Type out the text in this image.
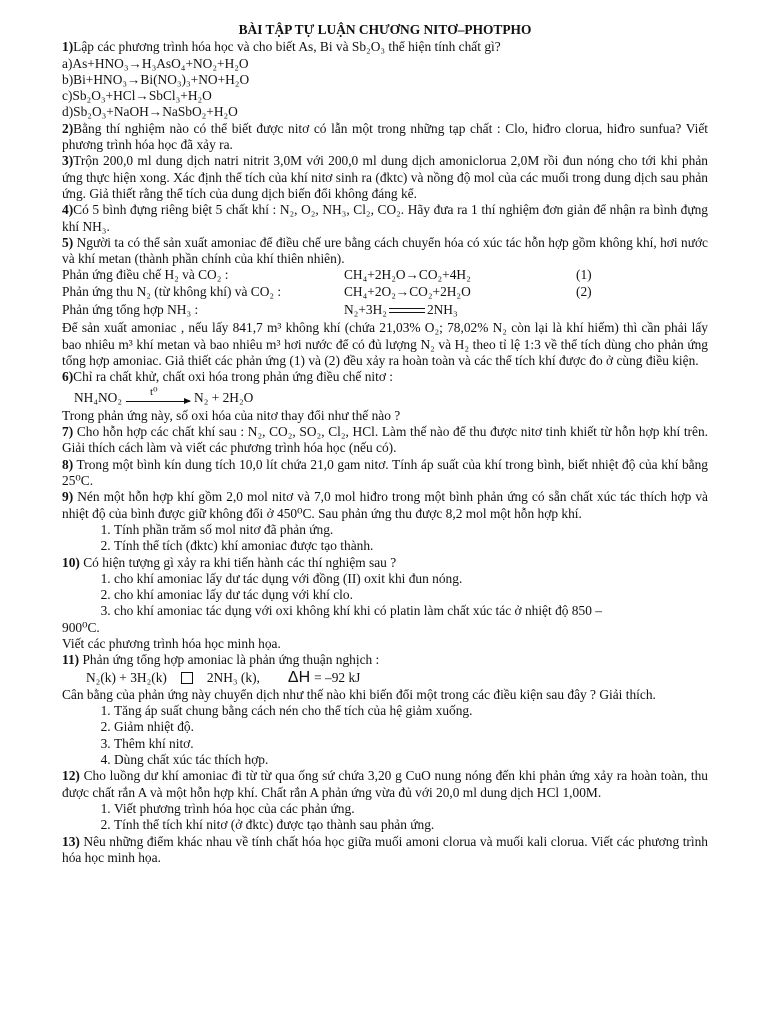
BÀI TẬP TỰ LUẬN CHƯƠNG NITƠ–PHOTPHO

1)Lập các phương trình hóa học và cho biết As, Bi và Sb₂O₃ thể hiện tính chất gì?

a)As+HNO₃→H₃AsO₄+NO₂+H₂O

b)Bi+HNO₃→Bi(NO₃)₃+NO+H₂O

c)Sb₂O₃+HCl→SbCl₃+H₂O

d)Sb₂O₃+NaOH→NaSbO₂+H₂O

2)Bằng thí nghiệm nào có thể biết được nitơ có lẫn một trong những tạp chất : Clo, hiđro clorua, hiđro sunfua? Viết phương trình hóa học đã xảy ra.

3)Trộn 200,0 ml dung dịch natri nitrit 3,0M với 200,0 ml dung dịch amoniclorua 2,0M rồi đun nóng cho tới khi phản ứng thực hiện xong. Xác định thể tích của khí nitơ sinh ra (đktc) và nồng độ mol của các muối trong dung dịch sau phản ứng. Giả thiết rằng thể tích của dung dịch biến đổi không đáng kể.

4)Có 5 bình đựng riêng biệt 5 chất khí : N₂, O₂, NH₃, Cl₂, CO₂. Hãy đưa ra 1 thí nghiệm đơn giản để nhận ra bình đựng khí NH₃.

5) Người ta có thể sản xuất amoniac để điều chế ure bằng cách chuyển hóa có xúc tác hỗn hợp gồm không khí, hơi nước và khí metan (thành phần chính của khí thiên nhiên).

Phản ứng điều chế H₂ và CO₂ :	CH₄+2H₂O→CO₂+4H₂	(1)
Phản ứng thu N₂ (từ không khí) và CO₂ :	CH₄+2O₂→CO₂+2H₂O	(2)
Phản ứng tổng hợp NH₃ :	N₂+3H₂	2NH₃

Để sản xuất amoniac , nếu lấy 841,7 m³ không khí (chứa 21,03% O₂; 78,02% N₂ còn lại là khí hiếm) thì cần phải lấy bao nhiêu m³ khí metan và bao nhiêu m³ hơi nước để có đủ lượng N₂ và H₂ theo tỉ lệ 1:3 về thể tích dùng cho phản ứng tổng hợp amoniac. Giả thiết các phản ứng (1) và (2) đều xảy ra hoàn toàn và các thể tích khí được đo ở cùng điều kiện.

6)Chỉ ra chất khử, chất oxi hóa trong phản ứng điều chế nitơ :

NH₄NO₂	t⁰	N₂ + 2H₂O

Trong phản ứng này, số oxi hóa của nitơ thay đổi như thế nào ?

7) Cho hỗn hợp các chất khí sau : N₂, CO₂, SO₂, Cl₂, HCl. Làm thế nào để thu được nitơ tinh khiết từ hỗn hợp khí trên. Giải thích cách làm và viết các phương trình hóa học (nếu có).

8) Trong một bình kín dung tích 10,0 lít chứa 21,0 gam nitơ. Tính áp suất của khí trong bình, biết nhiệt độ của khí bằng 25⁰C.

9) Nén một hỗn hợp khí gồm 2,0 mol nitơ và 7,0 mol hiđro trong một bình phản ứng có sẵn chất xúc tác thích hợp và nhiệt độ của bình được giữ không đổi ở 450⁰C. Sau phản ứng thu được 8,2 mol một hỗn hợp khí.

1. Tính phần trăm số mol nitơ đã phản ứng.
2. Tính thể tích (đktc) khí amoniac được tạo thành.

10) Có hiện tượng gì xảy ra khi tiến hành các thí nghiệm sau ?

1. cho khí amoniac lấy dư tác dụng với đồng (II) oxit khi đun nóng.
2. cho khí amoniac lấy dư tác dụng với khí clo.
3. cho khí amoniac tác dụng với oxi không khí khi có platin làm chất xúc tác ở nhiệt độ 850 –

900⁰C.

Viết các phương trình hóa học minh họa.

11) Phản ứng tổng hợp amoniac là phản ứng thuận nghịch :

N₂(k) + 3H₂(k)	2NH₃ (k), ΔH = –92 kJ

Cân bằng của phản ứng này chuyển dịch như thế nào khi biến đổi một trong các điều kiện sau đây ? Giải thích.

1. Tăng áp suất chung bằng cách nén cho thể tích của hệ giảm xuống.
2. Giảm nhiệt độ.
3. Thêm khí nitơ.
4. Dùng chất xúc tác thích hợp.

12) Cho luồng dư khí amoniac đi từ từ qua ống sứ chứa 3,20 g CuO nung nóng đến khi phản ứng xảy ra hoàn toàn, thu được chất rắn A và một hỗn hợp khí. Chất rắn A phản ứng vừa đủ với 20,0 ml dung dịch HCl 1,00M.

1. Viết phương trình hóa học của các phản ứng.
2. Tính thể tích khí nitơ (ở đktc) được tạo thành sau phản ứng.

13) Nêu những điểm khác nhau về tính chất hóa học giữa muối amoni clorua và muối kali clorua. Viết các phương trình hóa học minh họa.
